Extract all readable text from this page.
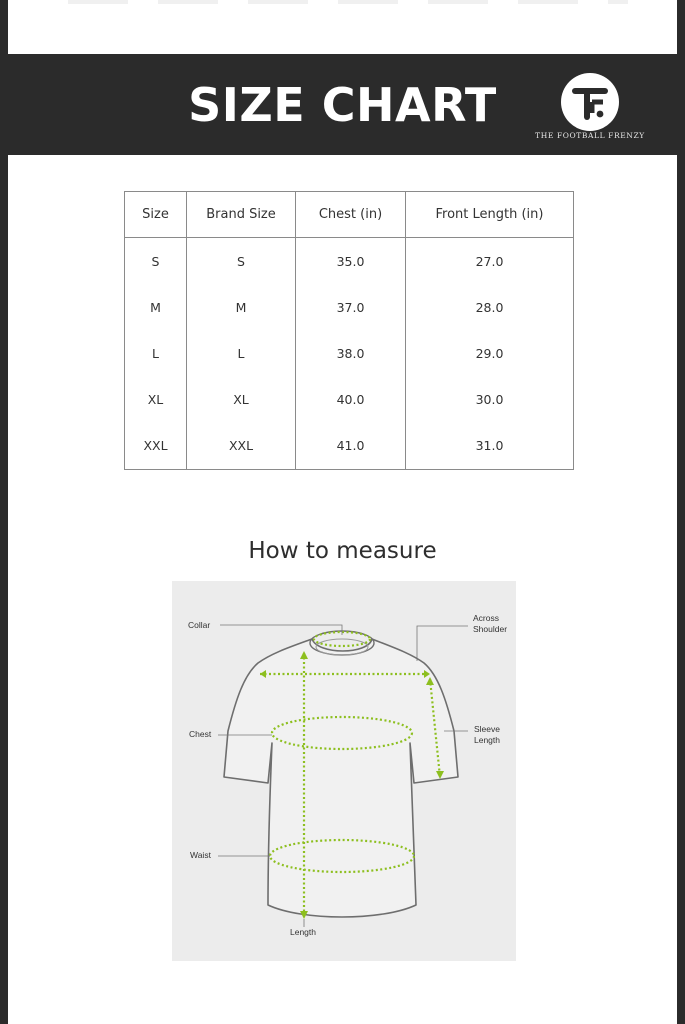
SIZE CHART
THE FOOTBALL FRENZY
Size	Brand Size	Chest (in)	Front Length (in)
S	S	35.0	27.0
M	M	37.0	28.0
L	L	38.0	29.0
XL	XL	40.0	30.0
XXL	XXL	41.0	31.0
How to measure
Collar
Across
Shoulder
Chest	Sleeve
Length
Waist
Length
